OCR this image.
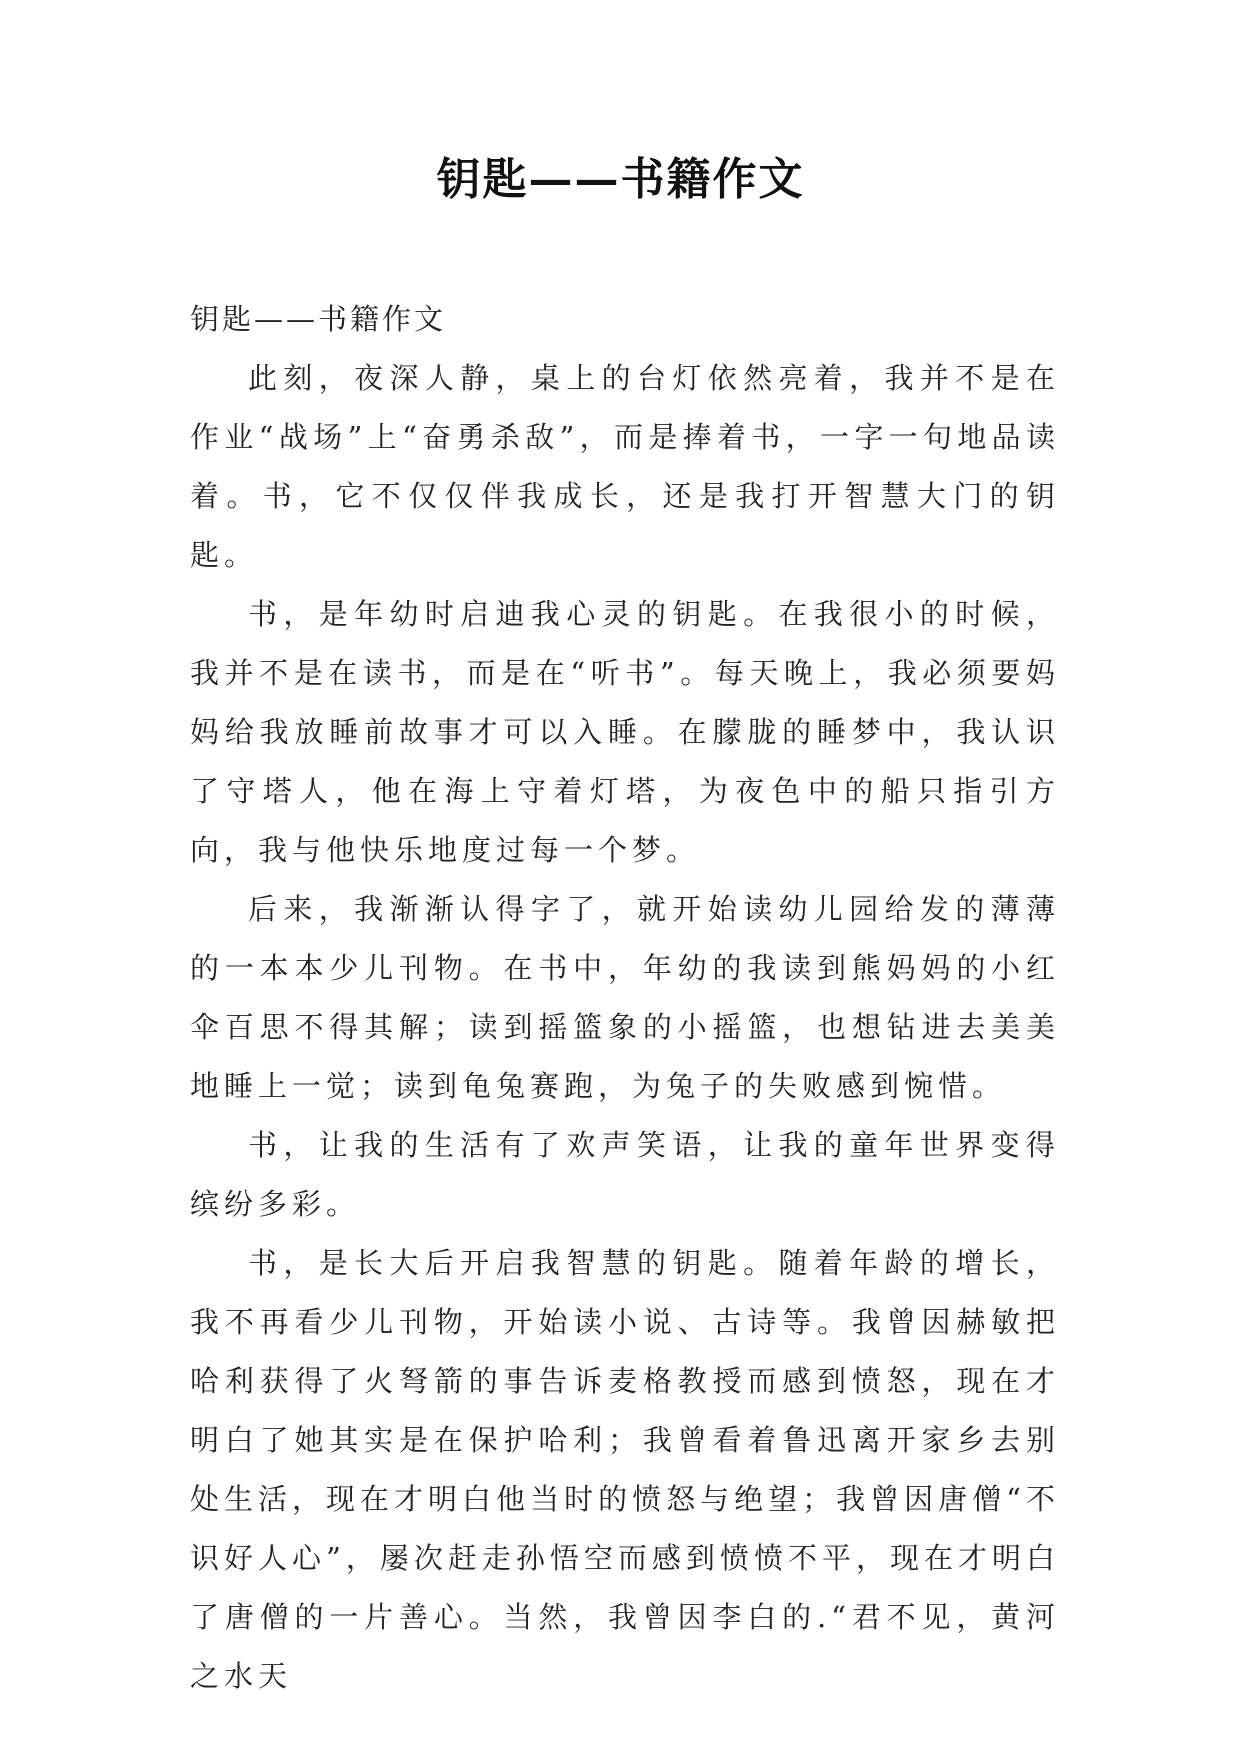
钥匙——书籍作文

钥匙——书籍作文

此刻，夜深人静，桌上的台灯依然亮着，我并不是在作业“战场”上“奋勇杀敌”，而是捧着书，一字一句地品读着。书，它不仅仅伴我成长，还是我打开智慧大门的钥匙。

书，是年幼时启迪我心灵的钥匙。在我很小的时候，我并不是在读书，而是在“听书”。每天晚上，我必须要妈妈给我放睡前故事才可以入睡。在朦胧的睡梦中，我认识了守塔人，他在海上守着灯塔，为夜色中的船只指引方向，我与他快乐地度过每一个梦。

后来，我渐渐认得字了，就开始读幼儿园给发的薄薄的一本本少儿刊物。在书中，年幼的我读到熊妈妈的小红伞百思不得其解；读到摇篮象的小摇篮，也想钻进去美美地睡上一觉；读到龟兔赛跑，为兔子的失败感到惋惜。

书，让我的生活有了欢声笑语，让我的童年世界变得缤纷多彩。

书，是长大后开启我智慧的钥匙。随着年龄的增长，我不再看少儿刊物，开始读小说、古诗等。我曾因赫敏把哈利获得了火弩箭的事告诉麦格教授而感到愤怒，现在才明白了她其实是在保护哈利；我曾看着鲁迅离开家乡去别处生活，现在才明白他当时的愤怒与绝望；我曾因唐僧“不识好人心”，屡次赶走孙悟空而感到愤愤不平，现在才明白了唐僧的一片善心。当然，我曾因李白的.“君不见，黄河之水天
